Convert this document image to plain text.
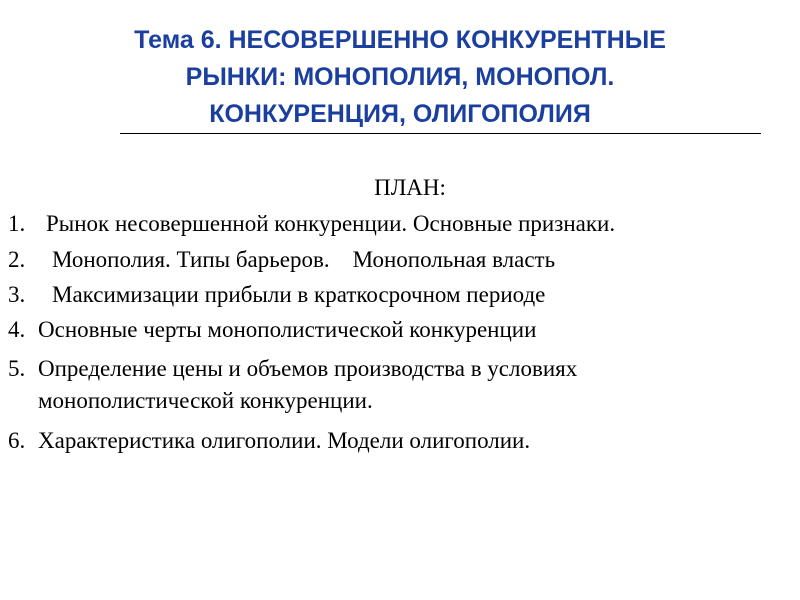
Тема 6. НЕСОВЕРШЕННО КОНКУРЕНТНЫЕ
РЫНКИ: МОНОПОЛИЯ, МОНОПОЛ.
КОНКУРЕНЦИЯ, ОЛИГОПОЛИЯ
ПЛАН:
1. Рынок несовершенной конкуренции. Основные признаки.
2. Монополия. Типы барьеров.    Монопольная власть
3. Максимизации прибыли в краткосрочном периоде
4. Основные черты монополистической конкуренции
5. Определение цены и объемов производства в условиях монополистической конкуренции.
6. Характеристика олигополии. Модели олигополии.
